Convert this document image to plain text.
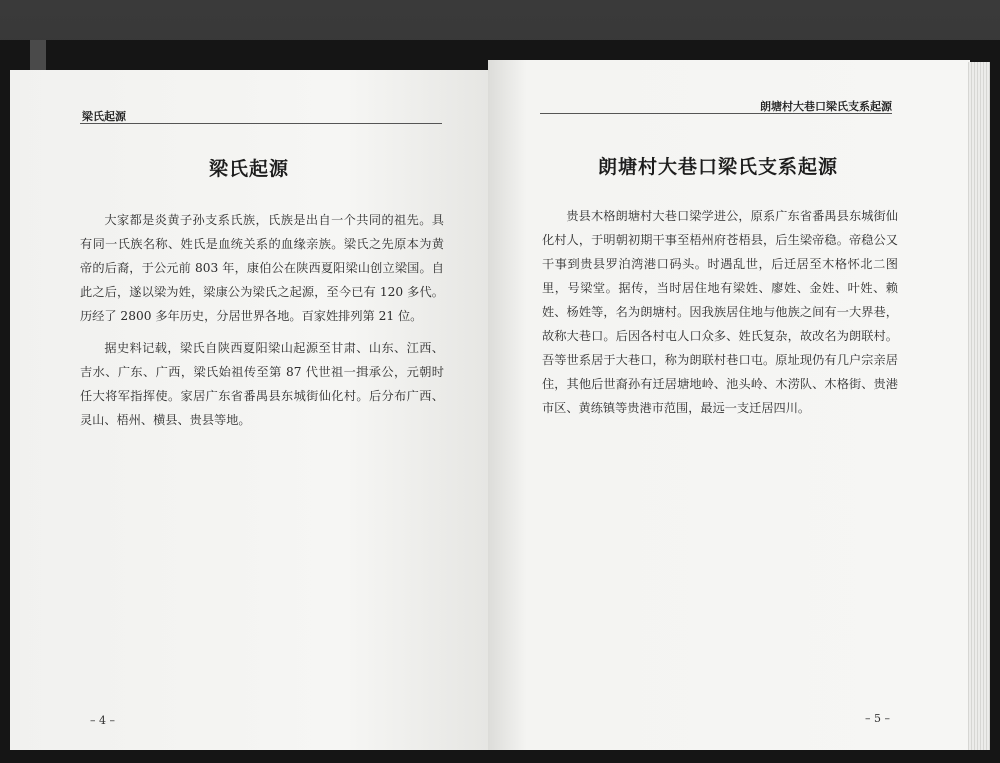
梁氏起源
梁氏起源

大家都是炎黄子孙支系氏族，氏族是出自一个共同的祖先。具有同一氏族名称、姓氏是血统关系的血缘亲族。梁氏之先原本为黄帝的后裔，于公元前 803 年，康伯公在陕西夏阳梁山创立梁国。自此之后，遂以梁为姓，梁康公为梁氏之起源，至今已有 120 多代。历经了 2800 多年历史，分居世界各地。百家姓排列第 21 位。

据史料记载，梁氏自陕西夏阳梁山起源至甘肃、山东、江西、吉水、广东、广西，梁氏始祖传至第 87 代世祖一揖承公，元朝时任大将军指挥使。家居广东省番禺县东城街仙化村。后分布广西、灵山、梧州、横县、贵县等地。

– 4 –
朗塘村大巷口梁氏支系起源
朗塘村大巷口梁氏支系起源

贵县木格朗塘村大巷口梁学进公，原系广东省番禺县东城街仙化村人，于明朝初期干事至梧州府苍梧县，后生梁帝稳。帝稳公又干事到贵县罗泊湾港口码头。时遇乱世，后迁居至木格怀北二图里，号梁堂。据传，当时居住地有梁姓、廖姓、金姓、叶姓、赖姓、杨姓等，名为朗塘村。因我族居住地与他族之间有一大界巷，故称大巷口。后因各村屯人口众多、姓氏复杂，故改名为朗联村。吾等世系居于大巷口，称为朗联村巷口屯。原址现仍有几户宗亲居住，其他后世裔孙有迁居塘地岭、池头岭、木涝队、木格街、贵港市区、黄练镇等贵港市范围，最远一支迁居四川。

– 5 –
